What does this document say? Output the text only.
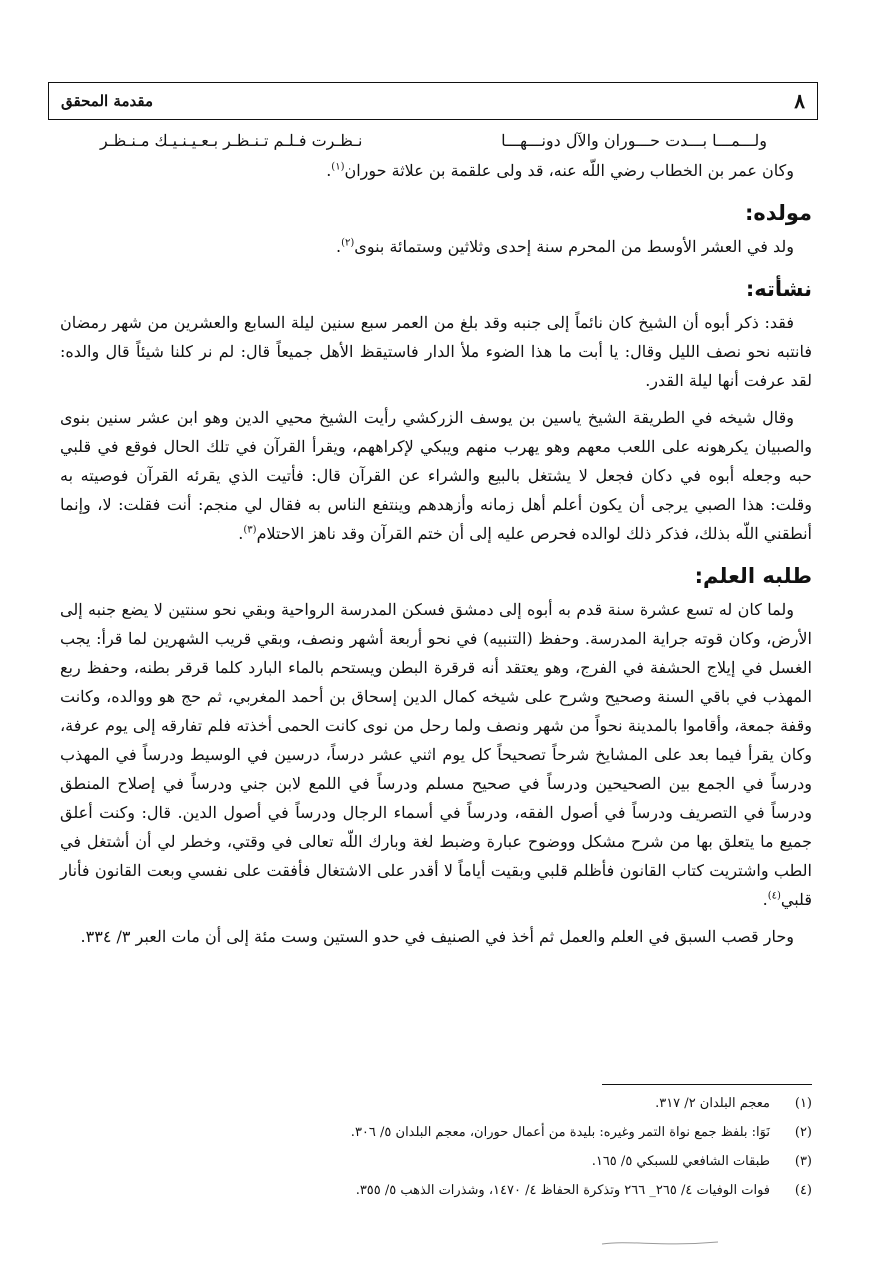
٨
مقدمة المحقق
ولـــمـــا بـــدت حـــوران والآل دونـــهـــا
نـظـرت فـلـم تـنـظـر بـعـيـنـيـك مـنـظـر

وكان عمر بن الخطاب رضي اللّه عنه، قد ولى علقمة بن علاثة حوران$^{(١)}$.

مولده:

ولد في العشر الأوسط من المحرم سنة إحدى وثلاثين وستمائة بنوى$^{(٢)}$.

نشأته:

فقد: ذكر أبوه أن الشيخ كان نائماً إلى جنبه وقد بلغ من العمر سبع سنين ليلة السابع والعشرين من شهر رمضان فانتبه نحو نصف الليل وقال: يا أبت ما هذا الضوء ملأ الدار فاستيقظ الأهل جميعاً قال: لم نر كلنا شيئاً قال والده: لقد عرفت أنها ليلة القدر.

وقال شيخه في الطريقة الشيخ ياسين بن يوسف الزركشي رأيت الشيخ محيي الدين وهو ابن عشر سنين بنوى والصبيان يكرهونه على اللعب معهم وهو يهرب منهم ويبكي لإكراههم، ويقرأ القرآن في تلك الحال فوقع في قلبي حبه وجعله أبوه في دكان فجعل لا يشتغل بالبيع والشراء عن القرآن قال: فأتيت الذي يقرئه القرآن فوصيته به وقلت: هذا الصبي يرجى أن يكون أعلم أهل زمانه وأزهدهم وينتفع الناس به فقال لي منجم: أنت فقلت: لا، وإنما أنطقني اللّه بذلك، فذكر ذلك لوالده فحرص عليه إلى أن ختم القرآن وقد ناهز الاحتلام$^{(٣)}$.

طلبه العلم:

ولما كان له تسع عشرة سنة قدم به أبوه إلى دمشق فسكن المدرسة الرواحية وبقي نحو سنتين لا يضع جنبه إلى الأرض، وكان قوته جراية المدرسة. وحفظ (التنبيه) في نحو أربعة أشهر ونصف، وبقي قريب الشهرين لما قرأ: يجب الغسل في إيلاج الحشفة في الفرج، وهو يعتقد أنه قرقرة البطن ويستحم بالماء البارد كلما قرقر بطنه، وحفظ ربع المهذب في باقي السنة وصحيح وشرح على شيخه كمال الدين إسحاق بن أحمد المغربي، ثم حج هو ووالده، وكانت وقفة جمعة، وأقاموا بالمدينة نحواً من شهر ونصف ولما رحل من نوى كانت الحمى أخذته فلم تفارقه إلى يوم عرفة، وكان يقرأ فيما بعد على المشايخ شرحاً تصحيحاً كل يوم اثني عشر درساً، درسين في الوسيط ودرساً في المهذب ودرساً في الجمع بين الصحيحين ودرساً في صحيح مسلم ودرساً في اللمع لابن جني ودرساً في إصلاح المنطق ودرساً في التصريف ودرساً في أصول الفقه، ودرساً في أسماء الرجال ودرساً في أصول الدين. قال: وكنت أعلق جميع ما يتعلق بها من شرح مشكل ووضوح عبارة وضبط لغة وبارك اللّه تعالى في وقتي، وخطر لي أن أشتغل في الطب واشتريت كتاب القانون فأظلم قلبي وبقيت أياماً لا أقدر على الاشتغال فأفقت على نفسي وبعت القانون فأنار قلبي$^{(٤)}$.

وحار قصب السبق في العلم والعمل ثم أخذ في الصنيف في حدو الستين وست مئة إلى أن مات العبر ٣/ ٣٣٤.

(١)
معجم البلدان ٢/ ٣١٧.
(٢)
نَوَا: بلفظ جمع نواة التمر وغيره: بليدة من أعمال حوران، معجم البلدان ٥/ ٣٠٦.
(٣)
طبقات الشافعي للسبكي ٥/ ١٦٥.
(٤)
فوات الوفيات ٤/ ٢٦٥_ ٢٦٦ وتذكرة الحفاظ ٤/ ١٤٧٠، وشذرات الذهب ٥/ ٣٥٥.
